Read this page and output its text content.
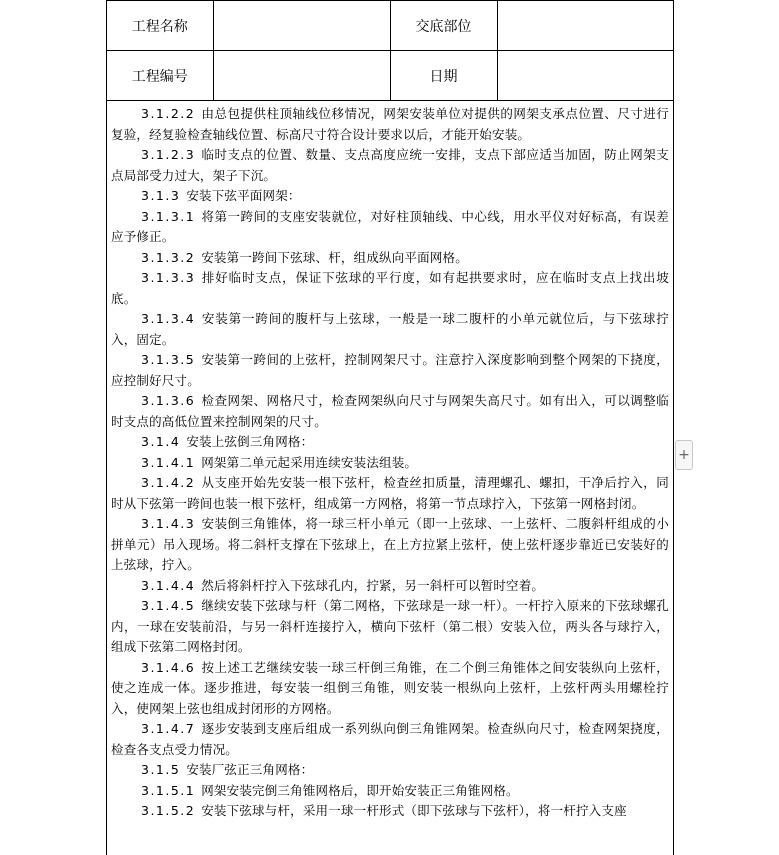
工程名称		交底部位	
工程编号		日期	

3.1.2.2 由总包提供柱顶轴线位移情况，网架安装单位对提供的网架支承点位置、尺寸进行复验，经复验检查轴线位置、标高尺寸符合设计要求以后，才能开始安装。

3.1.2.3 临时支点的位置、数量、支点高度应统一安排，支点下部应适当加固，防止网架支点局部受力过大，架子下沉。

3.1.3 安装下弦平面网架：

3.1.3.1 将第一跨间的支座安装就位，对好柱顶轴线、中心线，用水平仪对好标高，有误差应予修正。

3.1.3.2 安装第一跨间下弦球、杆，组成纵向平面网格。

3.1.3.3 排好临时支点，保证下弦球的平行度，如有起拱要求时，应在临时支点上找出坡底。

3.1.3.4 安装第一跨间的腹杆与上弦球，一般是一球二腹杆的小单元就位后，与下弦球拧入，固定。

3.1.3.5 安装第一跨间的上弦杆，控制网架尺寸。注意拧入深度影响到整个网架的下挠度，应控制好尺寸。

3.1.3.6 检查网架、网格尺寸，检查网架纵向尺寸与网架失高尺寸。如有出入，可以调整临时支点的高低位置来控制网架的尺寸。

3.1.4 安装上弦倒三角网格：

3.1.4.1 网架第二单元起采用连续安装法组装。

3.1.4.2 从支座开始先安装一根下弦杆，检查丝扣质量，清理螺孔、螺扣，干净后拧入，同时从下弦第一跨间也装一根下弦杆，组成第一方网格，将第一节点球拧入，下弦第一网格封闭。

3.1.4.3 安装倒三角锥体，将一球三杆小单元（即一上弦球、一上弦杆、二腹斜杆组成的小拼单元）吊入现场。将二斜杆支撑在下弦球上，在上方拉紧上弦杆，使上弦杆逐步靠近已安装好的上弦球，拧入。

3.1.4.4 然后将斜杆拧入下弦球孔内，拧紧，另一斜杆可以暂时空着。

3.1.4.5 继续安装下弦球与杆（第二网格，下弦球是一球一杆）。一杆拧入原来的下弦球螺孔内，一球在安装前沿，与另一斜杆连接拧入，横向下弦杆（第二根）安装入位，两头各与球拧入，组成下弦第二网格封闭。

3.1.4.6 按上述工艺继续安装一球三杆倒三角锥，在二个倒三角锥体之间安装纵向上弦杆，使之连成一体。逐步推进，每安装一组倒三角锥，则安装一根纵向上弦杆，上弦杆两头用螺栓拧入，使网架上弦也组成封闭形的方网格。

3.1.4.7 逐步安装到支座后组成一系列纵向倒三角锥网架。检查纵向尺寸，检查网架挠度，检查各支点受力情况。

3.1.5 安装厂弦正三角网格：

3.1.5.1 网架安装完倒三角锥网格后，即开始安装正三角锥网格。

3.1.5.2 安装下弦球与杆，采用一球一杆形式（即下弦球与下弦杆），将一杆拧入支座

+
